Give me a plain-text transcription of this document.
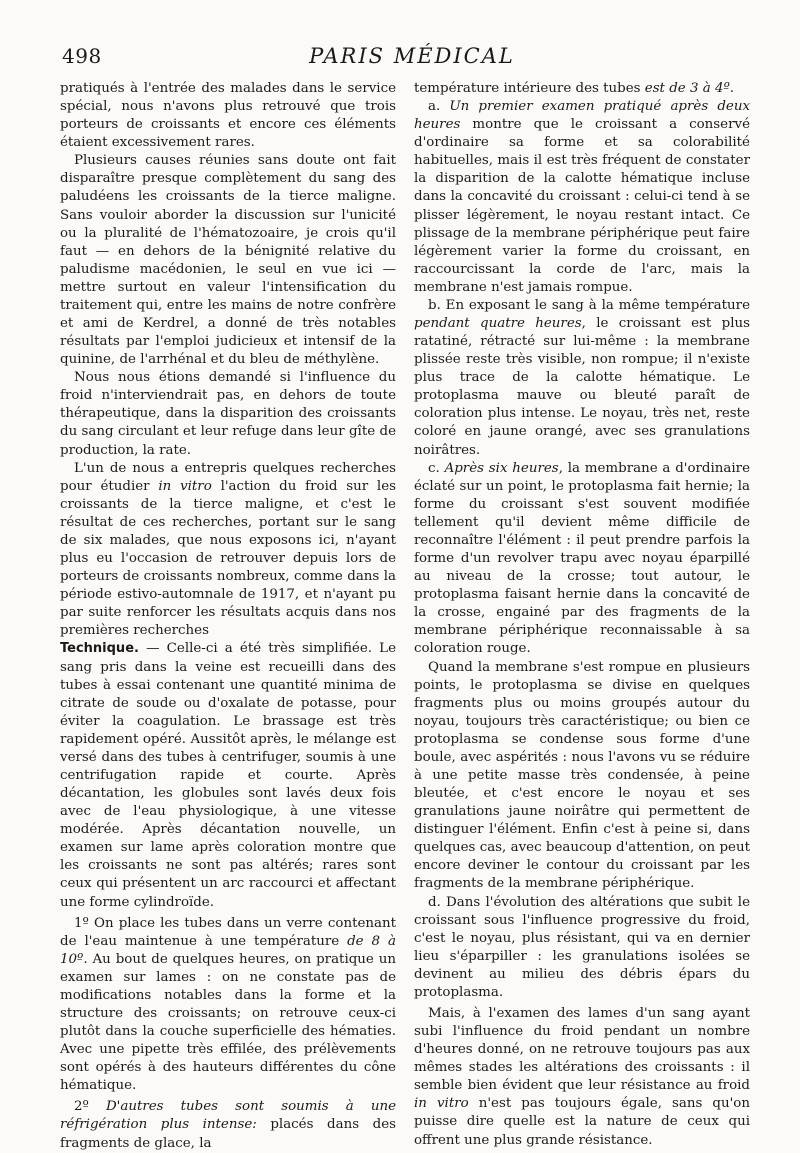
498	PARIS MÉDICAL

pratiqués à l'entrée des malades dans le service spécial, nous n'avons plus retrouvé que trois porteurs de croissants et encore ces éléments étaient excessivement rares.

Plusieurs causes réunies sans doute ont fait disparaître presque complètement du sang des paludéens les croissants de la tierce maligne. Sans vouloir aborder la discussion sur l'unicité ou la pluralité de l'hématozoaire, je crois qu'il faut — en dehors de la bénignité relative du paludisme macédonien, le seul en vue ici — mettre surtout en valeur l'intensification du traitement qui, entre les mains de notre confrère et ami de Kerdrel, a donné de très notables résultats par l'emploi judicieux et intensif de la quinine, de l'arrhénal et du bleu de méthylène.

Nous nous étions demandé si l'influence du froid n'interviendrait pas, en dehors de toute thérapeutique, dans la disparition des croissants du sang circulant et leur refuge dans leur gîte de production, la rate.

L'un de nous a entrepris quelques recherches pour étudier in vitro l'action du froid sur les croissants de la tierce maligne, et c'est le résultat de ces recherches, portant sur le sang de six malades, que nous exposons ici, n'ayant plus eu l'occasion de retrouver depuis lors de porteurs de croissants nombreux, comme dans la période estivo-automnale de 1917, et n'ayant pu par suite renforcer les résultats acquis dans nos premières recherches

Technique. — Celle-ci a été très simplifiée. Le sang pris dans la veine est recueilli dans des tubes à essai contenant une quantité minima de citrate de soude ou d'oxalate de potasse, pour éviter la coagulation. Le brassage est très rapidement opéré. Aussitôt après, le mélange est versé dans des tubes à centrifuger, soumis à une centrifugation rapide et courte. Après décantation, les globules sont lavés deux fois avec de l'eau physiologique, à une vitesse modérée. Après décantation nouvelle, un examen sur lame après coloration montre que les croissants ne sont pas altérés; rares sont ceux qui présentent un arc raccourci et affectant une forme cylindroïde.

1º On place les tubes dans un verre contenant de l'eau maintenue à une température de 8 à 10º. Au bout de quelques heures, on pratique un examen sur lames : on ne constate pas de modifications notables dans la forme et la structure des croissants; on retrouve ceux-ci plutôt dans la couche superficielle des hématies. Avec une pipette très effilée, des prélèvements sont opérés à des hauteurs différentes du cône hématique.

2º D'autres tubes sont soumis à une réfrigération plus intense: placés dans des fragments de glace, la

température intérieure des tubes est de 3 à 4º.

a. Un premier examen pratiqué après deux heures montre que le croissant a conservé d'ordinaire sa forme et sa colorabilité habituelles, mais il est très fréquent de constater la disparition de la calotte hématique incluse dans la concavité du croissant : celui-ci tend à se plisser légèrement, le noyau restant intact. Ce plissage de la membrane périphérique peut faire légèrement varier la forme du croissant, en raccourcissant la corde de l'arc, mais la membrane n'est jamais rompue.

b. En exposant le sang à la même température pendant quatre heures, le croissant est plus ratatiné, rétracté sur lui-même : la membrane plissée reste très visible, non rompue; il n'existe plus trace de la calotte hématique. Le protoplasma mauve ou bleuté paraît de coloration plus intense. Le noyau, très net, reste coloré en jaune orangé, avec ses granulations noirâtres.

c. Après six heures, la membrane a d'ordinaire éclaté sur un point, le protoplasma fait hernie; la forme du croissant s'est souvent modifiée tellement qu'il devient même difficile de reconnaître l'élément : il peut prendre parfois la forme d'un revolver trapu avec noyau éparpillé au niveau de la crosse; tout autour, le protoplasma faisant hernie dans la concavité de la crosse, engainé par des fragments de la membrane périphérique reconnaissable à sa coloration rouge.

Quand la membrane s'est rompue en plusieurs points, le protoplasma se divise en quelques fragments plus ou moins groupés autour du noyau, toujours très caractéristique; ou bien ce protoplasma se condense sous forme d'une boule, avec aspérités : nous l'avons vu se réduire à une petite masse très condensée, à peine bleutée, et c'est encore le noyau et ses granulations jaune noirâtre qui permettent de distinguer l'élément. Enfin c'est à peine si, dans quelques cas, avec beaucoup d'attention, on peut encore deviner le contour du croissant par les fragments de la membrane périphérique.

d. Dans l'évolution des altérations que subit le croissant sous l'influence progressive du froid, c'est le noyau, plus résistant, qui va en dernier lieu s'éparpiller : les granulations isolées se devinent au milieu des débris épars du protoplasma.

Mais, à l'examen des lames d'un sang ayant subi l'influence du froid pendant un nombre d'heures donné, on ne retrouve toujours pas aux mêmes stades les altérations des croissants : il semble bien évident que leur résistance au froid in vitro n'est pas toujours égale, sans qu'on puisse dire quelle est la nature de ceux qui offrent une plus grande résistance.
